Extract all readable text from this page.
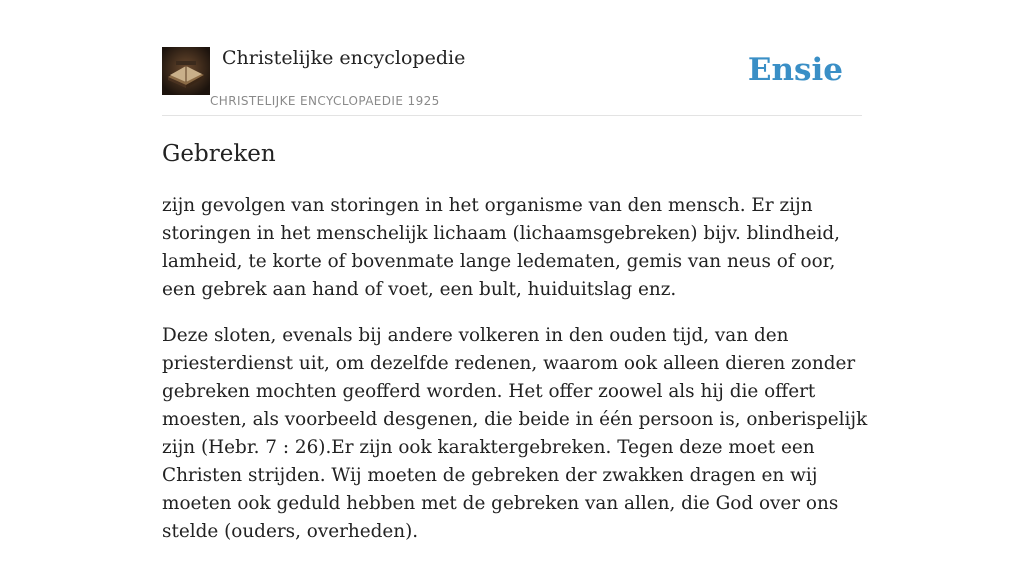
Christelijke encyclopedie
CHRISTELIJKE ENCYCLOPAEDIE 1925
Ensie
Gebreken

zijn gevolgen van storingen in het organisme van den mensch. Er zijn storingen in het menschelijk lichaam (lichaamsgebreken) bijv. blindheid, lamheid, te korte of bovenmate lange ledematen, gemis van neus of oor, een gebrek aan hand of voet, een bult, huiduitslag enz.

Deze sloten, evenals bij andere volkeren in den ouden tijd, van den priesterdienst uit, om dezelfde redenen, waarom ook alleen dieren zonder gebreken mochten geofferd worden. Het offer zoowel als hij die offert moesten, als voorbeeld desgenen, die beide in één persoon is, onberispelijk zijn (Hebr. 7 : 26).Er zijn ook karaktergebreken. Tegen deze moet een Christen strijden. Wij moeten de gebreken der zwakken dragen en wij moeten ook geduld hebben met de gebreken van allen, die God over ons stelde (ouders, overheden).
